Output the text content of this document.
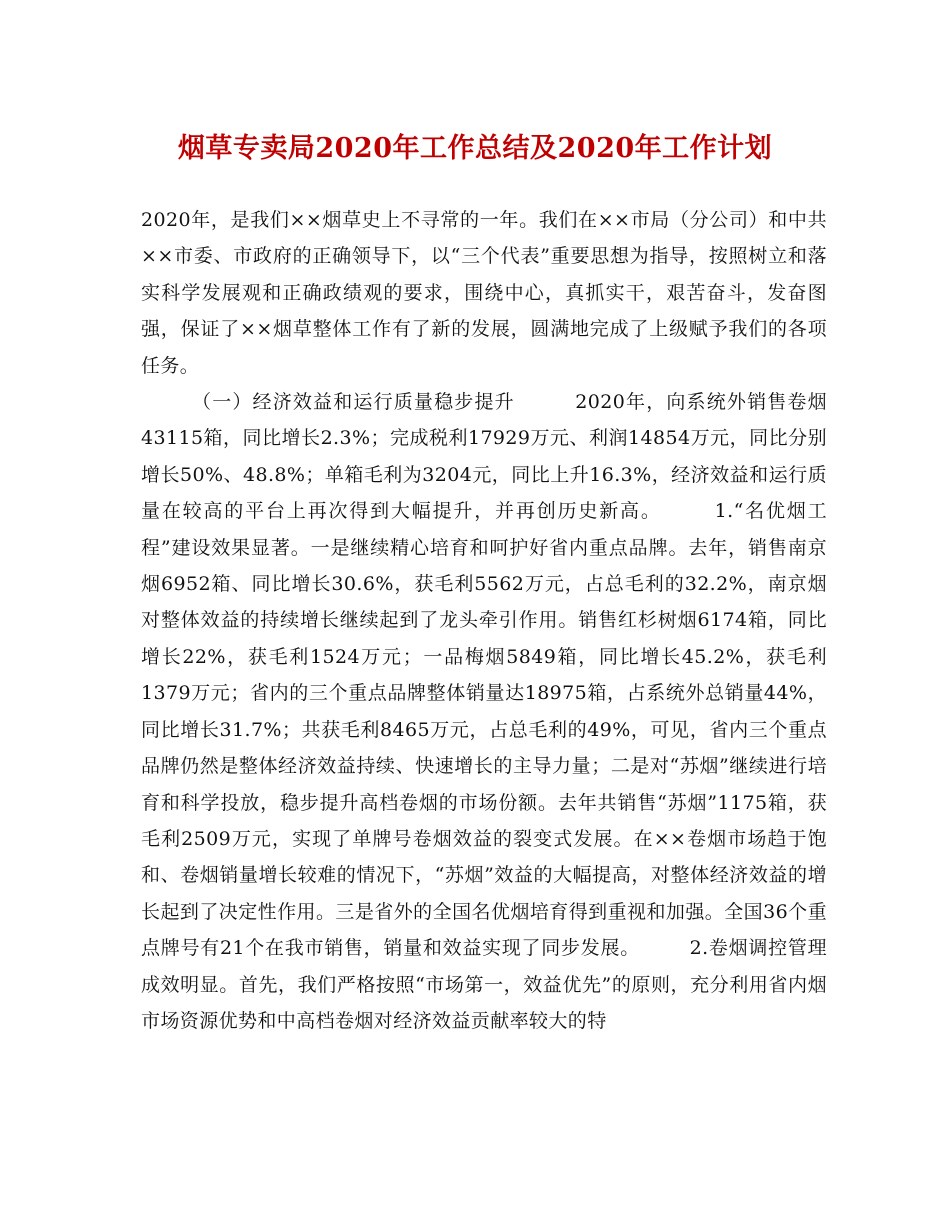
烟草专卖局2020年工作总结及2020年工作计划

2020年，是我们××烟草史上不寻常的一年。我们在××市局（分公司）和中共××市委、市政府的正确领导下，以“三个代表”重要思想为指导，按照树立和落实科学发展观和正确政绩观的要求，围绕中心，真抓实干，艰苦奋斗，发奋图强，保证了××烟草整体工作有了新的发展，圆满地完成了上级赋予我们的各项任务。

　　　（一）经济效益和运行质量稳步提升　　　2020年，向系统外销售卷烟43115箱，同比增长2.3%；完成税利17929万元、利润14854万元，同比分别增长50%、48.8%；单箱毛利为3204元，同比上升16.3%，经济效益和运行质量在较高的平台上再次得到大幅提升，并再创历史新高。　　　1.“名优烟工程”建设效果显著。一是继续精心培育和呵护好省内重点品牌。去年，销售南京烟6952箱、同比增长30.6%，获毛利5562万元，占总毛利的32.2%，南京烟对整体效益的持续增长继续起到了龙头牵引作用。销售红杉树烟6174箱，同比增长22%，获毛利1524万元；一品梅烟5849箱，同比增长45.2%，获毛利1379万元；省内的三个重点品牌整体销量达18975箱，占系统外总销量44%，同比增长31.7%；共获毛利8465万元，占总毛利的49%，可见，省内三个重点品牌仍然是整体经济效益持续、快速增长的主导力量；二是对“苏烟”继续进行培育和科学投放，稳步提升高档卷烟的市场份额。去年共销售“苏烟”1175箱，获毛利2509万元，实现了单牌号卷烟效益的裂变式发展。在××卷烟市场趋于饱和、卷烟销量增长较难的情况下，“苏烟”效益的大幅提高，对整体经济效益的增长起到了决定性作用。三是省外的全国名优烟培育得到重视和加强。全国36个重点牌号有21个在我市销售，销量和效益实现了同步发展。　　　2.卷烟调控管理成效明显。首先，我们严格按照“市场第一，效益优先”的原则，充分利用省内烟市场资源优势和中高档卷烟对经济效益贡献率较大的特
